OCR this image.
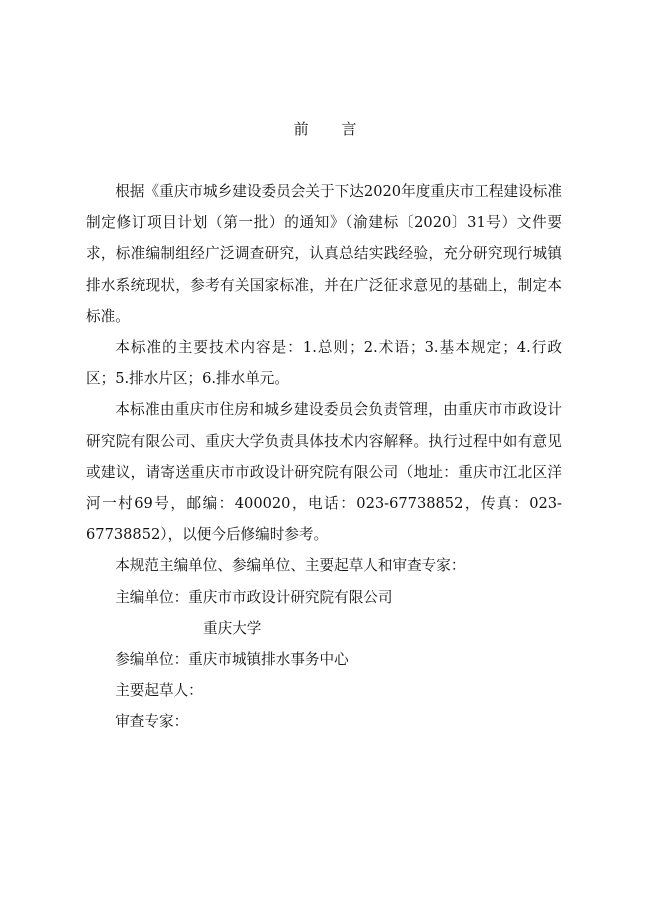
前 言

根据《重庆市城乡建设委员会关于下达2020年度重庆市工程建设标准制定修订项目计划（第一批）的通知》（渝建标〔2020〕31号）文件要求，标准编制组经广泛调查研究，认真总结实践经验，充分研究现行城镇排水系统现状，参考有关国家标准，并在广泛征求意见的基础上，制定本标准。

本标准的主要技术内容是：1.总则；2.术语；3.基本规定；4.行政区；5.排水片区；6.排水单元。

本标准由重庆市住房和城乡建设委员会负责管理，由重庆市市政设计研究院有限公司、重庆大学负责具体技术内容解释。执行过程中如有意见或建议，请寄送重庆市市政设计研究院有限公司（地址：重庆市江北区洋河一村69号，邮编：400020，电话：023-67738852，传真：023-67738852），以便今后修编时参考。

本规范主编单位、参编单位、主要起草人和审查专家：

主编单位：重庆市市政设计研究院有限公司

重庆大学

参编单位：重庆市城镇排水事务中心

主要起草人：

审查专家：
